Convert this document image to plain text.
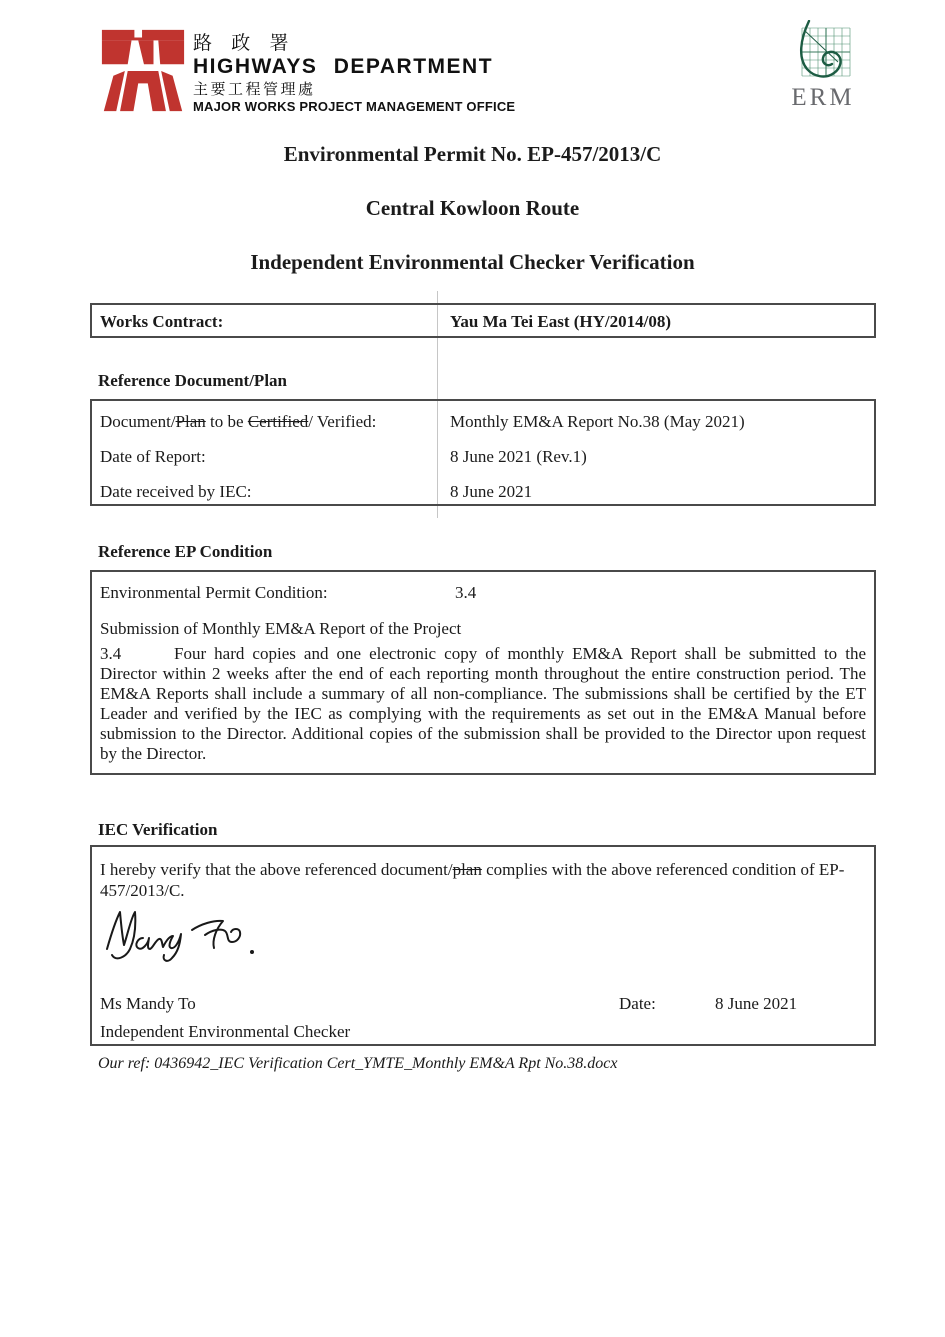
路 政 署
HIGHWAYS DEPARTMENT
主要工程管理處
MAJOR WORKS PROJECT MANAGEMENT OFFICE	ERM
Environmental Permit No. EP-457/2013/C
Central Kowloon Route
Independent Environmental Checker Verification
Works Contract:	Yau Ma Tei East (HY/2014/08)
Reference Document/Plan
Document/Plan to be Certified/ Verified:	Monthly EM&A Report No.38 (May 2021)
Date of Report:	8 June 2021 (Rev.1)
Date received by IEC:	8 June 2021
Reference EP Condition
Environmental Permit Condition:	3.4
Submission of Monthly EM&A Report of the Project
3.4	Four hard copies and one electronic copy of monthly EM&A Report shall be submitted to the Director within 2 weeks after the end of each reporting month throughout the entire construction period. The EM&A Reports shall include a summary of all non-compliance. The submissions shall be certified by the ET Leader and verified by the IEC as complying with the requirements as set out in the EM&A Manual before submission to the Director. Additional copies of the submission shall be provided to the Director upon request by the Director.
IEC Verification
I hereby verify that the above referenced document/plan complies with the above referenced condition of EP-457/2013/C.
Ms Mandy To	Date:	8 June 2021
Independent Environmental Checker
Our ref: 0436942_IEC Verification Cert_YMTE_Monthly EM&A Rpt No.38.docx
